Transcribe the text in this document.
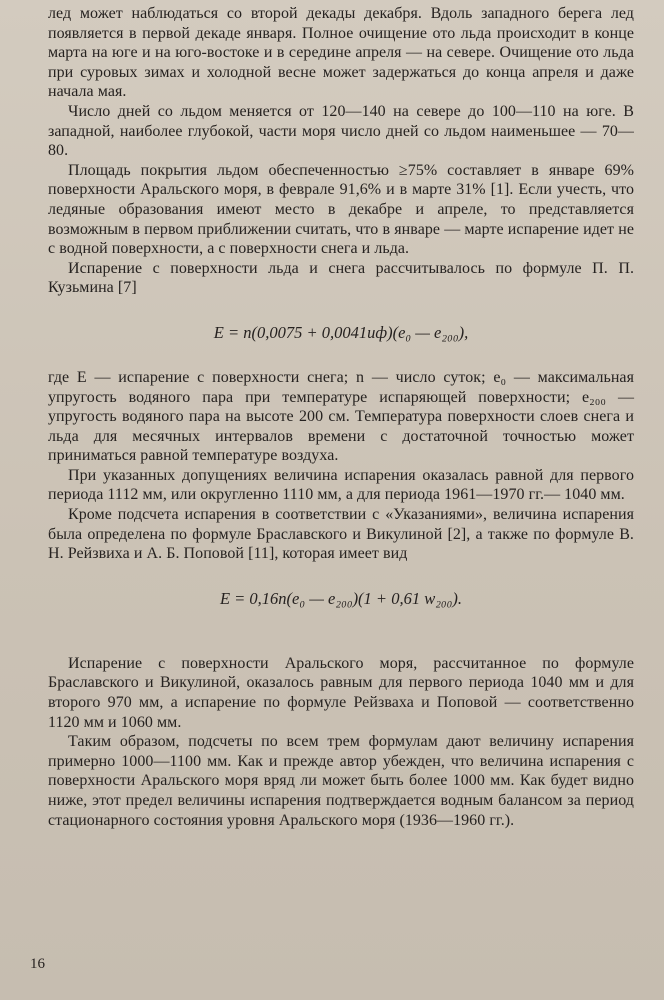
лед может наблюдаться со второй декады декабря. Вдоль западного берега лед появляется в первой декаде января. Полное очищение ото льда происходит в конце марта на юге и на юго-востоке и в середине апреля — на севере. Очищение ото льда при суровых зимах и холодной весне может задержаться до конца апреля и даже начала мая.

Число дней со льдом меняется от 120—140 на севере до 100—110 на юге. В западной, наиболее глубокой, части моря число дней со льдом наименьшее — 70—80.

Площадь покрытия льдом обеспеченностью ≥75% составляет в январе 69% поверхности Аральского моря, в феврале 91,6% и в марте 31% [1]. Если учесть, что ледяные образования имеют место в декабре и апреле, то представляется возможным в первом приближении считать, что в январе — марте испарение идет не с водной поверхности, а с поверхности снега и льда.

Испарение с поверхности льда и снега рассчитывалось по формуле П. П. Кузьмина [7]

E = n(0,0075 + 0,0041uф)(e₀ — e₂₀₀),

где E — испарение с поверхности снега; n — число суток; e₀ — максимальная упругость водяного пара при температуре испаряющей поверхности; e₂₀₀ — упругость водяного пара на высоте 200 см. Температура поверхности слоев снега и льда для месячных интервалов времени с достаточной точностью может приниматься равной температуре воздуха.

При указанных допущениях величина испарения оказалась равной для первого периода 1112 мм, или округленно 1110 мм, а для периода 1961—1970 гг.— 1040 мм.

Кроме подсчета испарения в соответствии с «Указаниями», величина испарения была определена по формуле Браславского и Викулиной [2], а также по формуле В. Н. Рейзвиха и А. Б. Поповой [11], которая имеет вид

E = 0,16n(e₀ — e₂₀₀)(1 + 0,61 w₂₀₀).

Испарение с поверхности Аральского моря, рассчитанное по формуле Браславского и Викулиной, оказалось равным для первого периода 1040 мм и для второго 970 мм, а испарение по формуле Рейзваха и Поповой — соответственно 1120 мм и 1060 мм.

Таким образом, подсчеты по всем трем формулам дают величину испарения примерно 1000—1100 мм. Как и прежде автор убежден, что величина испарения с поверхности Аральского моря вряд ли может быть более 1000 мм. Как будет видно ниже, этот предел величины испарения подтверждается водным балансом за период стационарного состояния уровня Аральского моря (1936—1960 гг.).

16
